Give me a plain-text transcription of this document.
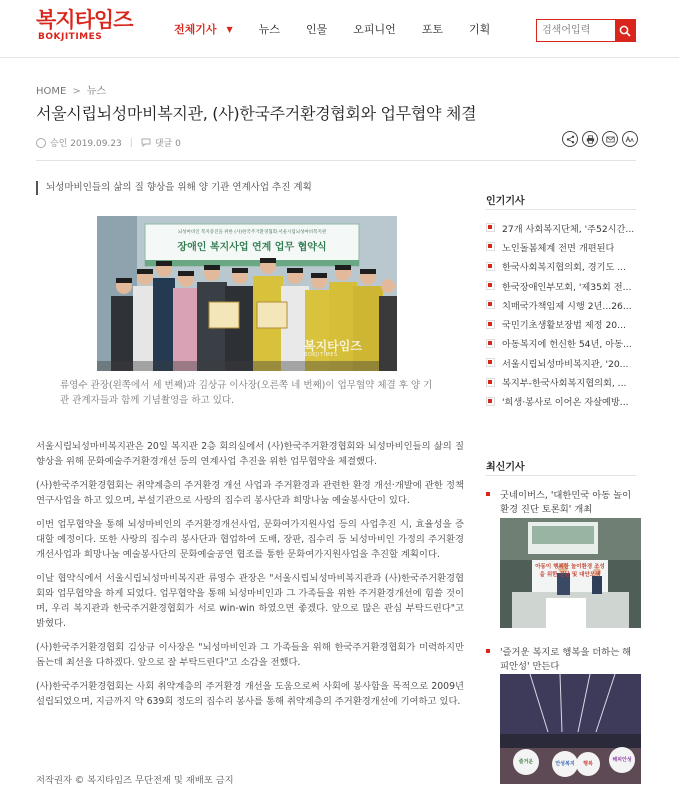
복지타임즈
BOKJITIMES
전체기사 ▼ 뉴스 인물 오피니언 포토 기획
검색어입력
HOME > 뉴스
서울시립뇌성마비복지관, (사)한국주거환경협회와 업무협약 체결
승인 2019.09.23 | 댓글 0
뇌성마비인들의 삶의 질 향상을 위해 양 기관 연계사업 추진 계획
뇌성마비인 복지증진을 위한 (사)한국주거환경협회·서울시립뇌성마비복지관
장애인 복지사업 연계 업무 협약식
복지타임즈
BOKJITIMES
류영수 관장(왼쪽에서 세 번째)과 김상규 이사장(오른쪽 네 번째)이 업무협약 체결 후 양 기관 관계자들과 함께 기념촬영을 하고 있다.

서울시립뇌성마비복지관은 20일 복지관 2층 회의실에서 (사)한국주거환경협회와 뇌성마비인들의 삶의 질 향상을 위해 문화예술주거환경개선 등의 연계사업 추진을 위한 업무협약을 체결했다.

(사)한국주거환경협회는 취약계층의 주거환경 개선 사업과 주거환경과 관련한 환경 개선·개발에 관한 정책연구사업을 하고 있으며, 부설기관으로 사랑의 집수리 봉사단과 희망나눔 예술봉사단이 있다.

이번 업무협약을 통해 뇌성마비인의 주거환경개선사업, 문화여가지원사업 등의 사업추진 시, 효율성을 증대할 예정이다. 또한 사랑의 집수리 봉사단과 협업하여 도배, 장판, 집수리 등 뇌성마비인 가정의 주거환경개선사업과 희망나눔 예술봉사단의 문화예술공연 협조를 통한 문화여가지원사업을 추진할 계획이다.

이날 협약식에서 서울시립뇌성마비복지관 류영수 관장은 "서울시립뇌성마비복지관과 (사)한국주거환경협회와 업무협약을 하게 되었다. 업무협약을 통해 뇌성마비인과 그 가족들을 위한 주거환경개선에 힘쓸 것이며, 우리 복지관과 한국주거환경협회가 서로 win-win 하였으면 좋겠다. 앞으로 많은 관심 부탁드린다"고 밝혔다.

(사)한국주거환경협회 김상규 이사장은 "뇌성마비인과 그 가족들을 위해 한국주거환경협회가 미력하지만 돕는데 최선을 다하겠다. 앞으로 잘 부탁드린다"고 소감을 전했다.

(사)한국주거환경협회는 사회 취약계층의 주거환경 개선을 도움으로써 사회에 봉사함을 목적으로 2009년 설립되었으며, 지금까지 약 639회 정도의 집수리 봉사를 통해 취약계층의 주거환경개선에 기여하고 있다.

저작권자 © 복지타임즈 무단전재 및 재배포 금지
인기기사
27개 사회복지단체, '주52시간...
노인돌봄체계 전면 개편된다
한국사회복지협의회, 경기도 ...
한국장애인부모회, '제35회 전...
치매국가책임제 시행 2년...26...
국민기초생활보장법 제정 20...
아동복지에 헌신한 54년, 아동...
서울시립뇌성마비복지관, '20...
복지부-한국사회복지협의회, ...
'희생·봉사로 이어온 자살예방...
최신기사
굿네이버스, '대한민국 아동 놀이환경 진단 토론회' 개최
아동이 행복한 놀이환경 조성을 위한 진단 및 대안모색
'즐거운 복지로 행복을 더하는 해피안성' 만든다
즐거운	안성복지	행복
해피안성
